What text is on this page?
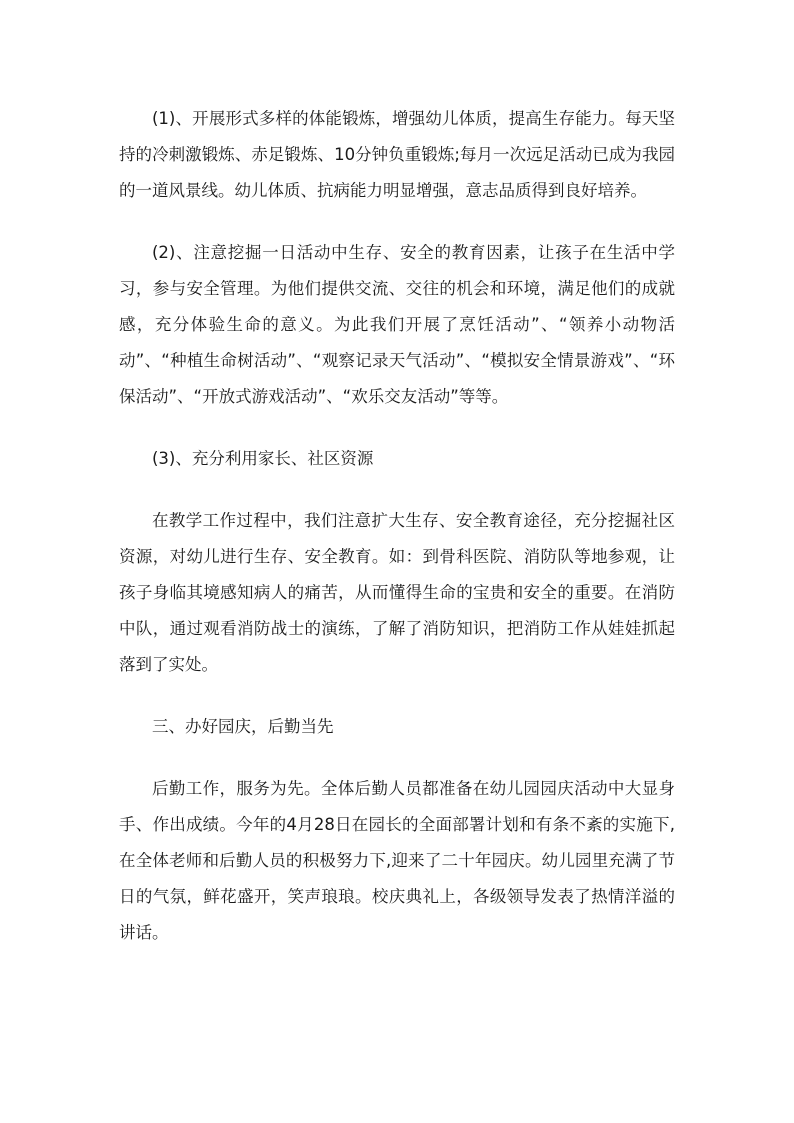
(1)、开展形式多样的体能锻炼，增强幼儿体质，提高生存能力。每天坚持的冷刺激锻炼、赤足锻炼、10分钟负重锻炼;每月一次远足活动已成为我园的一道风景线。幼儿体质、抗病能力明显增强，意志品质得到良好培养。

(2)、注意挖掘一日活动中生存、安全的教育因素，让孩子在生活中学习，参与安全管理。为他们提供交流、交往的机会和环境，满足他们的成就感，充分体验生命的意义。为此我们开展了烹饪活动”、“领养小动物活动”、“种植生命树活动”、“观察记录天气活动”、“模拟安全情景游戏”、“环保活动”、“开放式游戏活动”、“欢乐交友活动”等等。

(3)、充分利用家长、社区资源

在教学工作过程中，我们注意扩大生存、安全教育途径，充分挖掘社区资源，对幼儿进行生存、安全教育。如：到骨科医院、消防队等地参观，让孩子身临其境感知病人的痛苦，从而懂得生命的宝贵和安全的重要。在消防中队，通过观看消防战士的演练，了解了消防知识，把消防工作从娃娃抓起落到了实处。

三、办好园庆，后勤当先

后勤工作，服务为先。全体后勤人员都准备在幼儿园园庆活动中大显身手、作出成绩。今年的4月28日在园长的全面部署计划和有条不紊的实施下,在全体老师和后勤人员的积极努力下,迎来了二十年园庆。幼儿园里充满了节日的气氛，鲜花盛开，笑声琅琅。校庆典礼上，各级领导发表了热情洋溢的讲话。
